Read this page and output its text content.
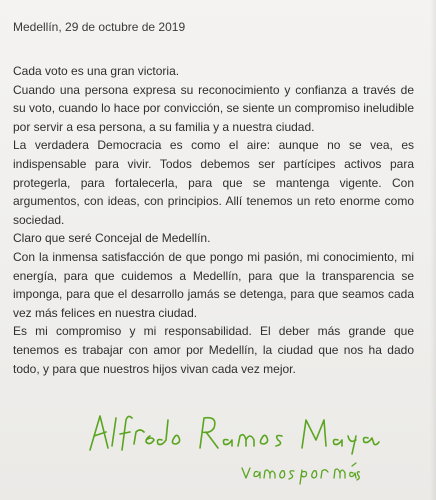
Medellín, 29 de octubre de 2019

Cada voto es una gran victoria.

Cuando una persona expresa su reconocimiento y confianza a través de su voto, cuando lo hace por convicción, se siente un compromiso ineludible por servir a esa persona, a su familia y a nuestra ciudad.

La verdadera Democracia es como el aire: aunque no se vea, es indispensable para vivir. Todos debemos ser partícipes activos para protegerla, para fortalecerla, para que se mantenga vigente. Con argumentos, con ideas, con principios. Allí tenemos un reto enorme como sociedad.

Claro que seré Concejal de Medellín.

Con la inmensa satisfacción de que pongo mi pasión, mi conocimiento, mi energía, para que cuidemos a Medellín, para que la transparencia se imponga, para que el desarrollo jamás se detenga, para que seamos cada vez más felices en nuestra ciudad.

Es mi compromiso y mi responsabilidad. El deber más grande que tenemos es trabajar con amor por Medellín, la ciudad que nos ha dado todo, y para que nuestros hijos vivan cada vez mejor.
